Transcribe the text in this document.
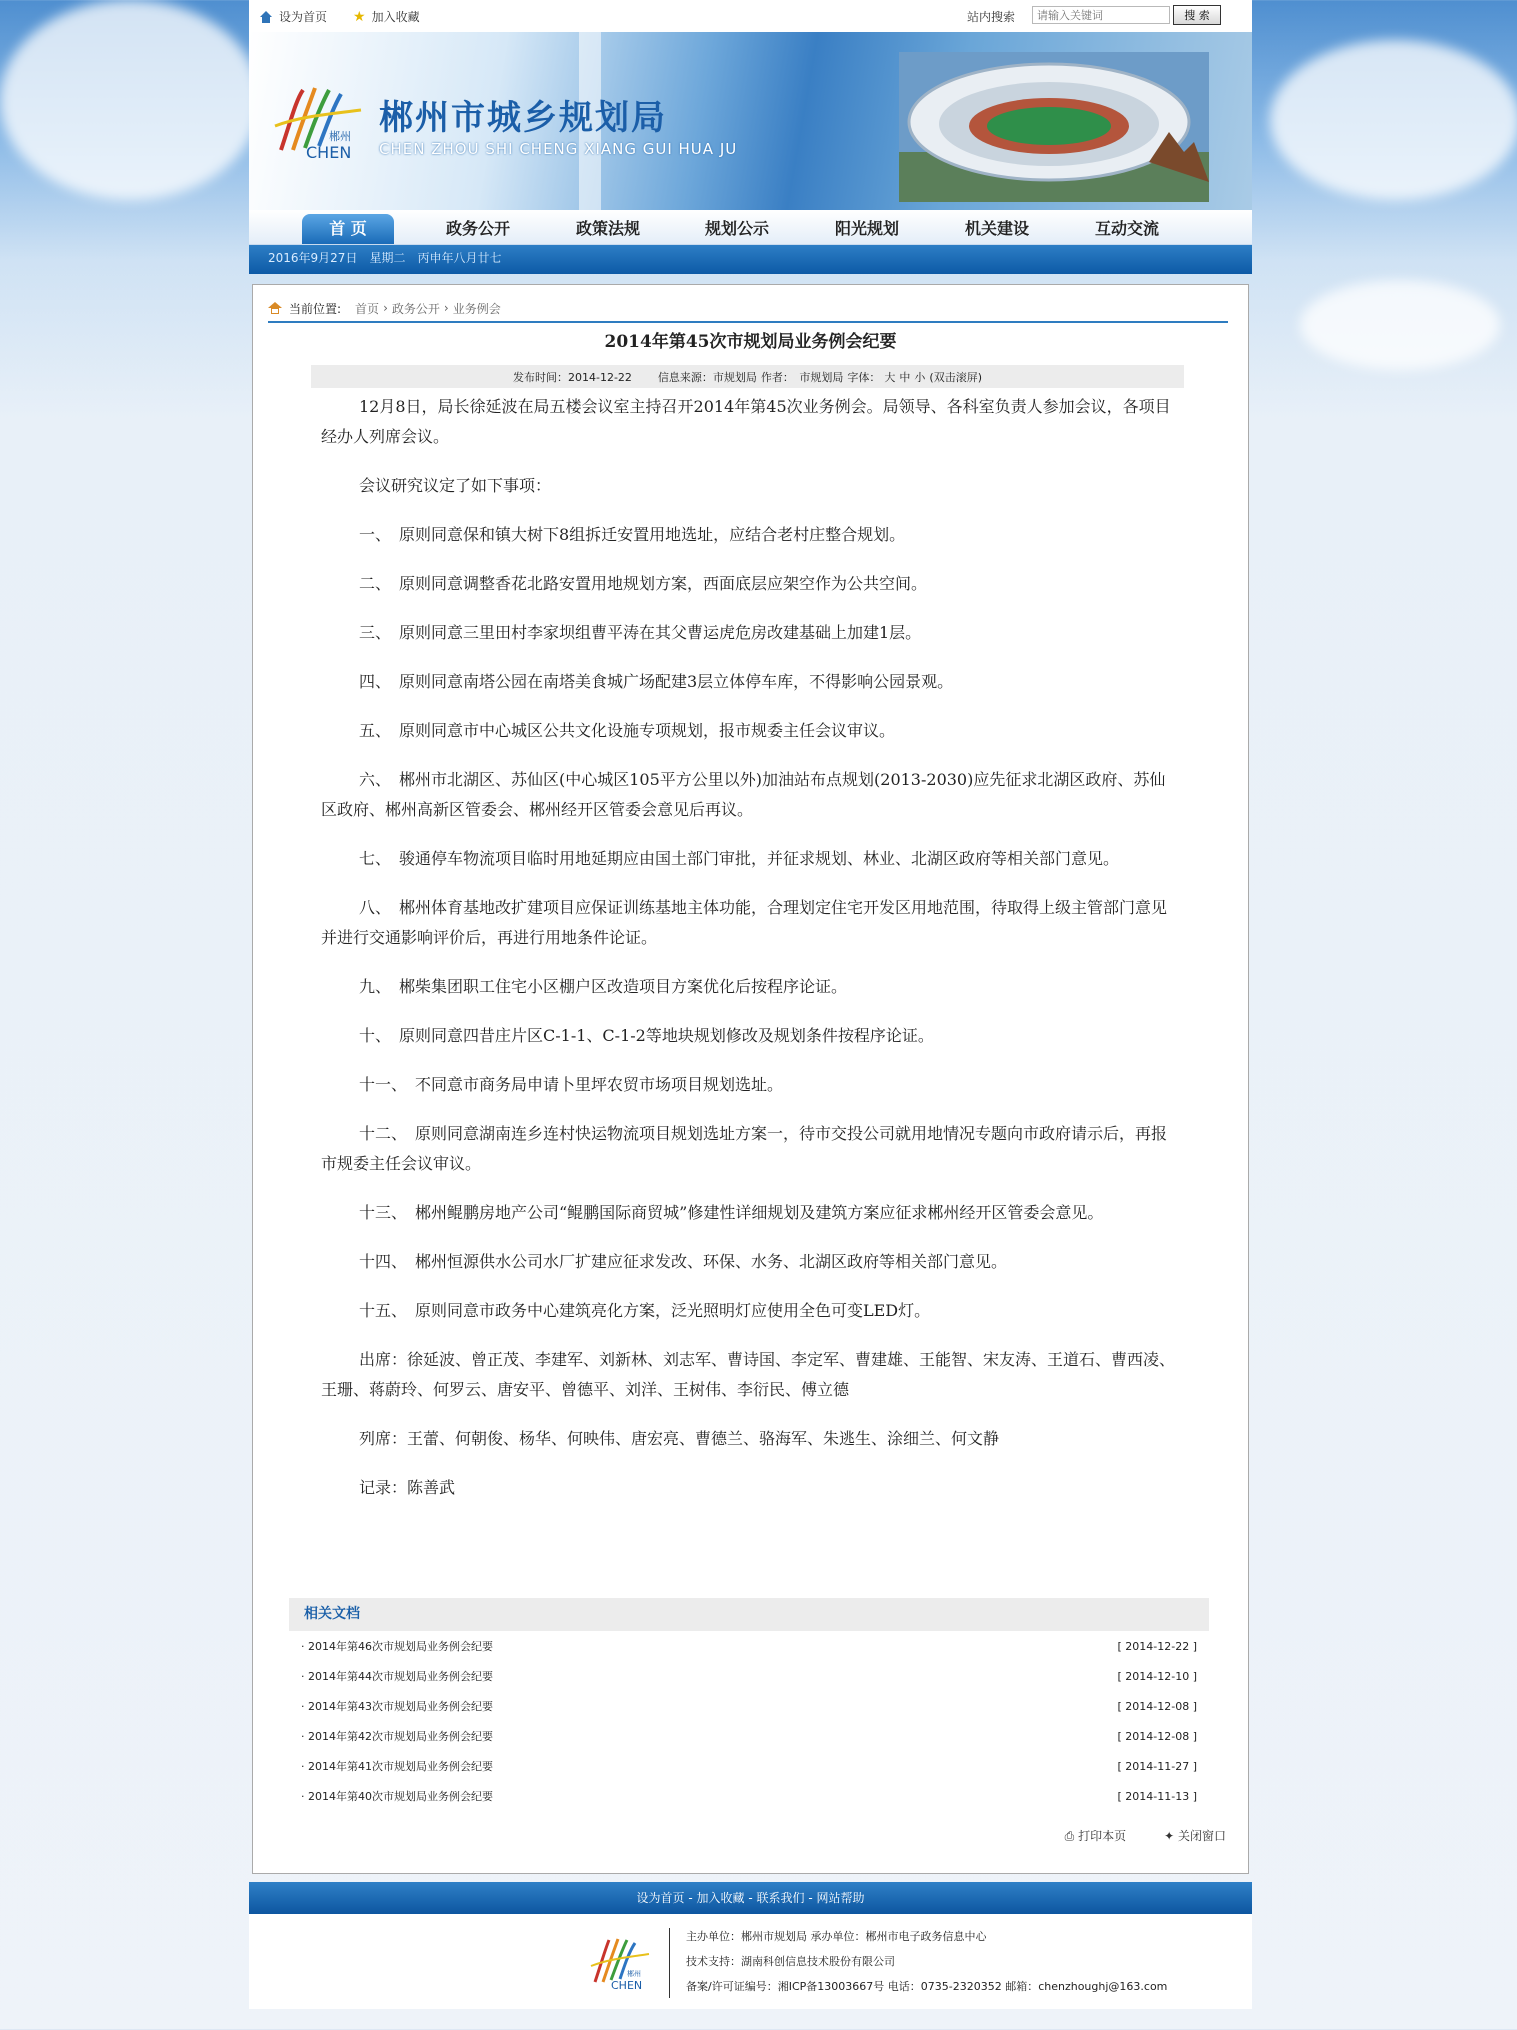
设为首页 ★ 加入收藏	站内搜索
请输入关键词	搜 索
郴州
CHEN
郴州市城乡规划局
CHEN ZHOU SHI CHENG XIANG GUI HUA JU
首 页	政务公开	政策法规	规划公示	阳光规划	机关建设	互动交流
2016年9月27日　星期二　丙申年八月廿七
当前位置: 首页 › 政务公开 › 业务例会
2014年第45次市规划局业务例会纪要
发布时间：2014-12-22 信息来源：市规划局 作者：　市规划局 字体： 大 中 小 (双击滚屏)

12月8日，局长徐延波在局五楼会议室主持召开2014年第45次业务例会。局领导、各科室负责人参加会议，各项目经办人列席会议。

会议研究议定了如下事项：

一、　原则同意保和镇大树下8组拆迁安置用地选址，应结合老村庄整合规划。

二、　原则同意调整香花北路安置用地规划方案，西面底层应架空作为公共空间。

三、　原则同意三里田村李家坝组曹平涛在其父曹运虎危房改建基础上加建1层。

四、　原则同意南塔公园在南塔美食城广场配建3层立体停车库，不得影响公园景观。

五、　原则同意市中心城区公共文化设施专项规划，报市规委主任会议审议。

六、　郴州市北湖区、苏仙区(中心城区105平方公里以外)加油站布点规划(2013-2030)应先征求北湖区政府、苏仙区政府、郴州高新区管委会、郴州经开区管委会意见后再议。

七、　骏通停车物流项目临时用地延期应由国土部门审批，并征求规划、林业、北湖区政府等相关部门意见。

八、　郴州体育基地改扩建项目应保证训练基地主体功能，合理划定住宅开发区用地范围，待取得上级主管部门意见并进行交通影响评价后，再进行用地条件论证。

九、　郴柴集团职工住宅小区棚户区改造项目方案优化后按程序论证。

十、　原则同意四昔庄片区C-1-1、C-1-2等地块规划修改及规划条件按程序论证。

十一、　不同意市商务局申请卜里坪农贸市场项目规划选址。

十二、　原则同意湖南连乡连村快运物流项目规划选址方案一，待市交投公司就用地情况专题向市政府请示后，再报市规委主任会议审议。

十三、　郴州鲲鹏房地产公司“鲲鹏国际商贸城”修建性详细规划及建筑方案应征求郴州经开区管委会意见。

十四、　郴州恒源供水公司水厂扩建应征求发改、环保、水务、北湖区政府等相关部门意见。

十五、　原则同意市政务中心建筑亮化方案，泛光照明灯应使用全色可变LED灯。

出席：徐延波、曾正茂、李建军、刘新林、刘志军、曹诗国、李定军、曹建雄、王能智、宋友涛、王道石、曹西凌、王珊、蒋蔚玲、何罗云、唐安平、曾德平、刘洋、王树伟、李衍民、傅立德

列席：王蕾、何朝俊、杨华、何映伟、唐宏亮、曹德兰、骆海军、朱逃生、涂细兰、何文静

记录：陈善武

相关文档
· 2014年第46次市规划局业务例会纪要	[ 2014-12-22 ]
· 2014年第44次市规划局业务例会纪要	[ 2014-12-10 ]
· 2014年第43次市规划局业务例会纪要	[ 2014-12-08 ]
· 2014年第42次市规划局业务例会纪要	[ 2014-12-08 ]
· 2014年第41次市规划局业务例会纪要	[ 2014-11-27 ]
· 2014年第40次市规划局业务例会纪要	[ 2014-11-13 ]
⎙ 打印本页	✦ 关闭窗口
设为首页 - 加入收藏 - 联系我们 - 网站帮助
郴州
CHEN
主办单位：郴州市规划局 承办单位：郴州市电子政务信息中心
技术支持：湖南科创信息技术股份有限公司
备案/许可证编号：湘ICP备13003667号 电话：0735-2320352 邮箱：chenzhoughj@163.com
